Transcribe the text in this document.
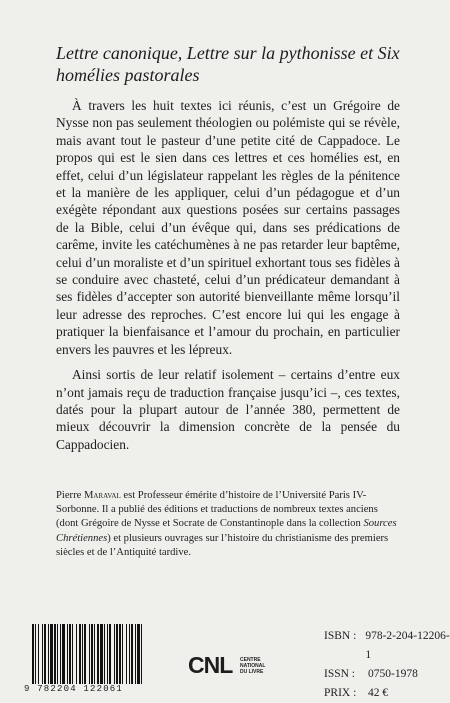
Lettre canonique, Lettre sur la pythonisse et Six homélies pastorales

À travers les huit textes ici réunis, c’est un Grégoire de Nysse non pas seulement théologien ou polémiste qui se révèle, mais avant tout le pasteur d’une petite cité de Cappadoce. Le propos qui est le sien dans ces lettres et ces homélies est, en effet, celui d’un législateur rappelant les règles de la pénitence et la manière de les appliquer, celui d’un pédagogue et d’un exégète répondant aux questions posées sur certains passages de la Bible, celui d’un évêque qui, dans ses prédications de carême, invite les catéchumènes à ne pas retarder leur baptême, celui d’un moraliste et d’un spirituel exhortant tous ses fidèles à se conduire avec chasteté, celui d’un prédicateur demandant à ses fidèles d’accepter son autorité bienveillante même lorsqu’il leur adresse des reproches. C’est encore lui qui les engage à pratiquer la bienfaisance et l’amour du prochain, en particulier envers les pauvres et les lépreux.

Ainsi sortis de leur relatif isolement – certains d’entre eux n’ont jamais reçu de traduction française jusqu’ici –, ces textes, datés pour la plupart autour de l’année 380, permettent de mieux découvrir la dimension concrète de la pensée du Cappadocien.

Pierre Maraval est Professeur émérite d’histoire de l’Université Paris IV-Sorbonne. Il a publié des éditions et traductions de nombreux textes anciens (dont Grégoire de Nysse et Socrate de Constantinople dans la collection Sources Chrétiennes) et plusieurs ouvrages sur l’histoire du christianisme des premiers siècles et de l’Antiquité tardive.

9 782204 122061
CNL CENTRE
NATIONAL
DU LIVRE
ISBN : 978-2-204-12206-1
ISSN :	0750-1978
PRIX :	42 €
